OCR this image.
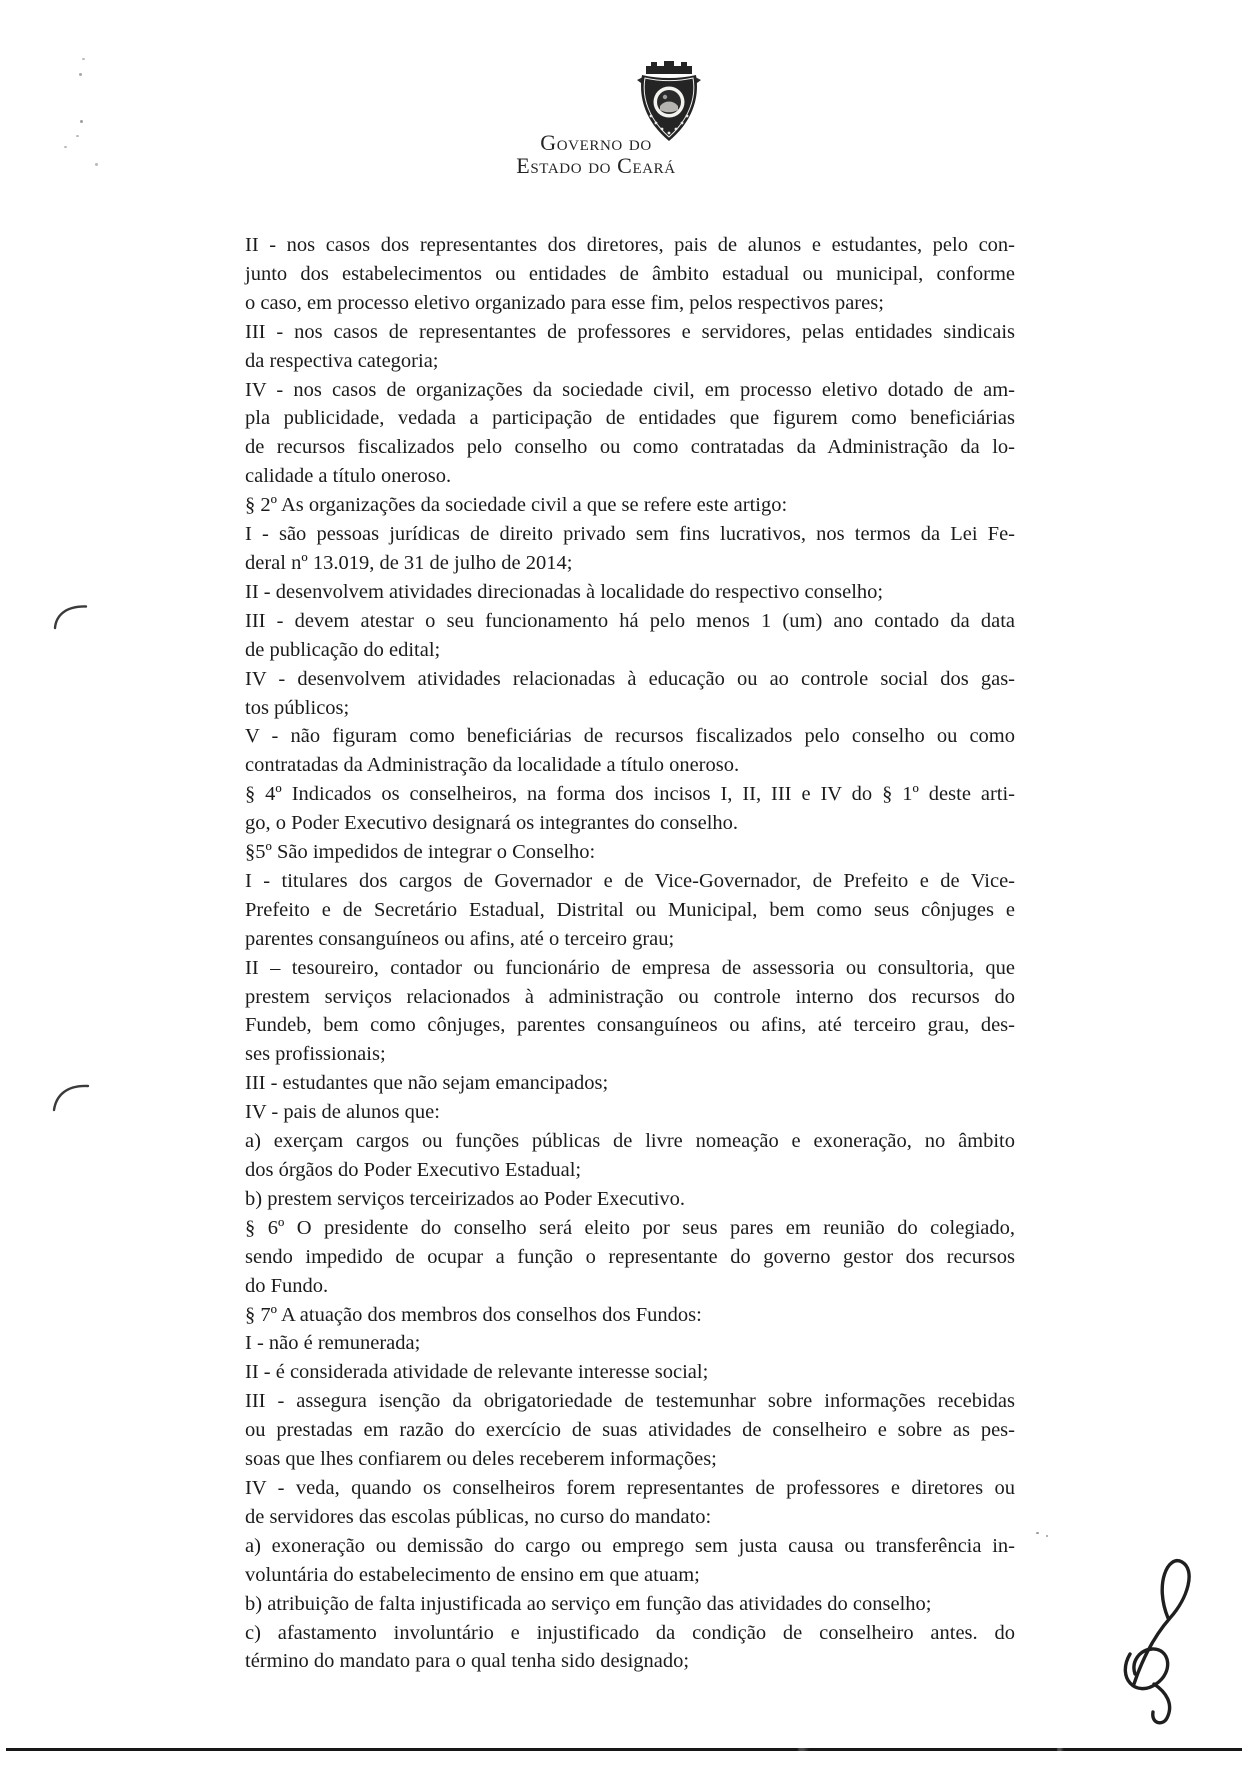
Governo do
Estado do Ceará
II - nos casos dos representantes dos diretores, pais de alunos e estudantes, pelo con-
junto dos estabelecimentos ou entidades de âmbito estadual ou municipal, conforme
o caso, em processo eletivo organizado para esse fim, pelos respectivos pares;
III - nos casos de representantes de professores e servidores, pelas entidades sindicais
da respectiva categoria;
IV - nos casos de organizações da sociedade civil, em processo eletivo dotado de am-
pla publicidade, vedada a participação de entidades que figurem como beneficiárias
de recursos fiscalizados pelo conselho ou como contratadas da Administração da lo-
calidade a título oneroso.
§ 2º As organizações da sociedade civil a que se refere este artigo:
I - são pessoas jurídicas de direito privado sem fins lucrativos, nos termos da Lei Fe-
deral nº 13.019, de 31 de julho de 2014;
II - desenvolvem atividades direcionadas à localidade do respectivo conselho;
III - devem atestar o seu funcionamento há pelo menos 1 (um) ano contado da data
de publicação do edital;
IV - desenvolvem atividades relacionadas à educação ou ao controle social dos gas-
tos públicos;
V - não figuram como beneficiárias de recursos fiscalizados pelo conselho ou como
contratadas da Administração da localidade a título oneroso.
§ 4º Indicados os conselheiros, na forma dos incisos I, II, III e IV do § 1º deste arti-
go, o Poder Executivo designará os integrantes do conselho.
§5º São impedidos de integrar o Conselho:
I - titulares dos cargos de Governador e de Vice-Governador, de Prefeito e de Vice-
Prefeito e de Secretário Estadual, Distrital ou Municipal, bem como seus cônjuges e
parentes consanguíneos ou afins, até o terceiro grau;
II – tesoureiro, contador ou funcionário de empresa de assessoria ou consultoria, que
prestem serviços relacionados à administração ou controle interno dos recursos do
Fundeb, bem como cônjuges, parentes consanguíneos ou afins, até terceiro grau, des-
ses profissionais;
III - estudantes que não sejam emancipados;
IV - pais de alunos que:
a) exerçam cargos ou funções públicas de livre nomeação e exoneração, no âmbito
dos órgãos do Poder Executivo Estadual;
b) prestem serviços terceirizados ao Poder Executivo.
§ 6º O presidente do conselho será eleito por seus pares em reunião do colegiado,
sendo impedido de ocupar a função o representante do governo gestor dos recursos
do Fundo.
§ 7º A atuação dos membros dos conselhos dos Fundos:
I - não é remunerada;
II - é considerada atividade de relevante interesse social;
III - assegura isenção da obrigatoriedade de testemunhar sobre informações recebidas
ou prestadas em razão do exercício de suas atividades de conselheiro e sobre as pes-
soas que lhes confiarem ou deles receberem informações;
IV - veda, quando os conselheiros forem representantes de professores e diretores ou
de servidores das escolas públicas, no curso do mandato:
a) exoneração ou demissão do cargo ou emprego sem justa causa ou transferência in-
voluntária do estabelecimento de ensino em que atuam;
b) atribuição de falta injustificada ao serviço em função das atividades do conselho;
c) afastamento involuntário e injustificado da condição de conselheiro antes. do
término do mandato para o qual tenha sido designado;
